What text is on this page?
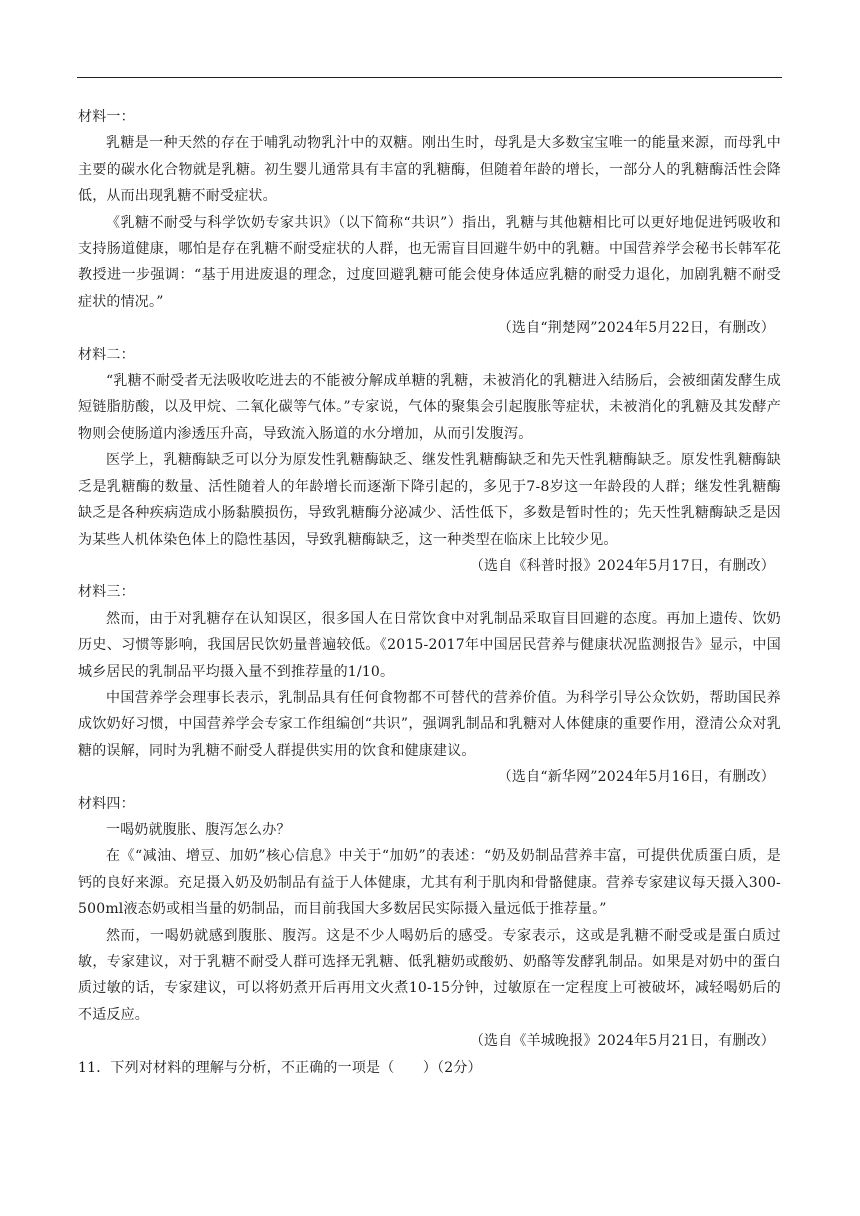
材料一：

乳糖是一种天然的存在于哺乳动物乳汁中的双糖。刚出生时，母乳是大多数宝宝唯一的能量来源，而母乳中主要的碳水化合物就是乳糖。初生婴儿通常具有丰富的乳糖酶，但随着年龄的增长，一部分人的乳糖酶活性会降低，从而出现乳糖不耐受症状。

《乳糖不耐受与科学饮奶专家共识》（以下简称“共识”）指出，乳糖与其他糖相比可以更好地促进钙吸收和支持肠道健康，哪怕是存在乳糖不耐受症状的人群，也无需盲目回避牛奶中的乳糖。中国营养学会秘书长韩军花教授进一步强调：“基于用进废退的理念，过度回避乳糖可能会使身体适应乳糖的耐受力退化，加剧乳糖不耐受症状的情况。”

（选自“荆楚网”2024年5月22日，有删改）

材料二：

“乳糖不耐受者无法吸收吃进去的不能被分解成单糖的乳糖，未被消化的乳糖进入结肠后，会被细菌发酵生成短链脂肪酸，以及甲烷、二氧化碳等气体。”专家说，气体的聚集会引起腹胀等症状，未被消化的乳糖及其发酵产物则会使肠道内渗透压升高，导致流入肠道的水分增加，从而引发腹泻。

医学上，乳糖酶缺乏可以分为原发性乳糖酶缺乏、继发性乳糖酶缺乏和先天性乳糖酶缺乏。原发性乳糖酶缺乏是乳糖酶的数量、活性随着人的年龄增长而逐渐下降引起的，多见于7-8岁这一年龄段的人群；继发性乳糖酶缺乏是各种疾病造成小肠黏膜损伤，导致乳糖酶分泌减少、活性低下，多数是暂时性的；先天性乳糖酶缺乏是因为某些人机体染色体上的隐性基因，导致乳糖酶缺乏，这一种类型在临床上比较少见。

（选自《科普时报》2024年5月17日，有删改）

材料三：

然而，由于对乳糖存在认知误区，很多国人在日常饮食中对乳制品采取盲目回避的态度。再加上遗传、饮奶历史、习惯等影响，我国居民饮奶量普遍较低。《2015-2017年中国居民营养与健康状况监测报告》显示，中国城乡居民的乳制品平均摄入量不到推荐量的1/10。

中国营养学会理事长表示，乳制品具有任何食物都不可替代的营养价值。为科学引导公众饮奶，帮助国民养成饮奶好习惯，中国营养学会专家工作组编创“共识”，强调乳制品和乳糖对人体健康的重要作用，澄清公众对乳糖的误解，同时为乳糖不耐受人群提供实用的饮食和健康建议。

（选自“新华网”2024年5月16日，有删改）

材料四：

一喝奶就腹胀、腹泻怎么办？

在《“减油、增豆、加奶”核心信息》中关于“加奶”的表述：“奶及奶制品营养丰富，可提供优质蛋白质，是钙的良好来源。充足摄入奶及奶制品有益于人体健康，尤其有利于肌肉和骨骼健康。营养专家建议每天摄入300-500ml液态奶或相当量的奶制品，而目前我国大多数居民实际摄入量远低于推荐量。”

然而，一喝奶就感到腹胀、腹泻。这是不少人喝奶后的感受。专家表示，这或是乳糖不耐受或是蛋白质过敏，专家建议，对于乳糖不耐受人群可选择无乳糖、低乳糖奶或酸奶、奶酪等发酵乳制品。如果是对奶中的蛋白质过敏的话，专家建议，可以将奶煮开后再用文火煮10-15分钟，过敏原在一定程度上可被破坏，减轻喝奶后的不适反应。

（选自《羊城晚报》2024年5月21日，有删改）

11．下列对材料的理解与分析，不正确的一项是（　　）（2分）
